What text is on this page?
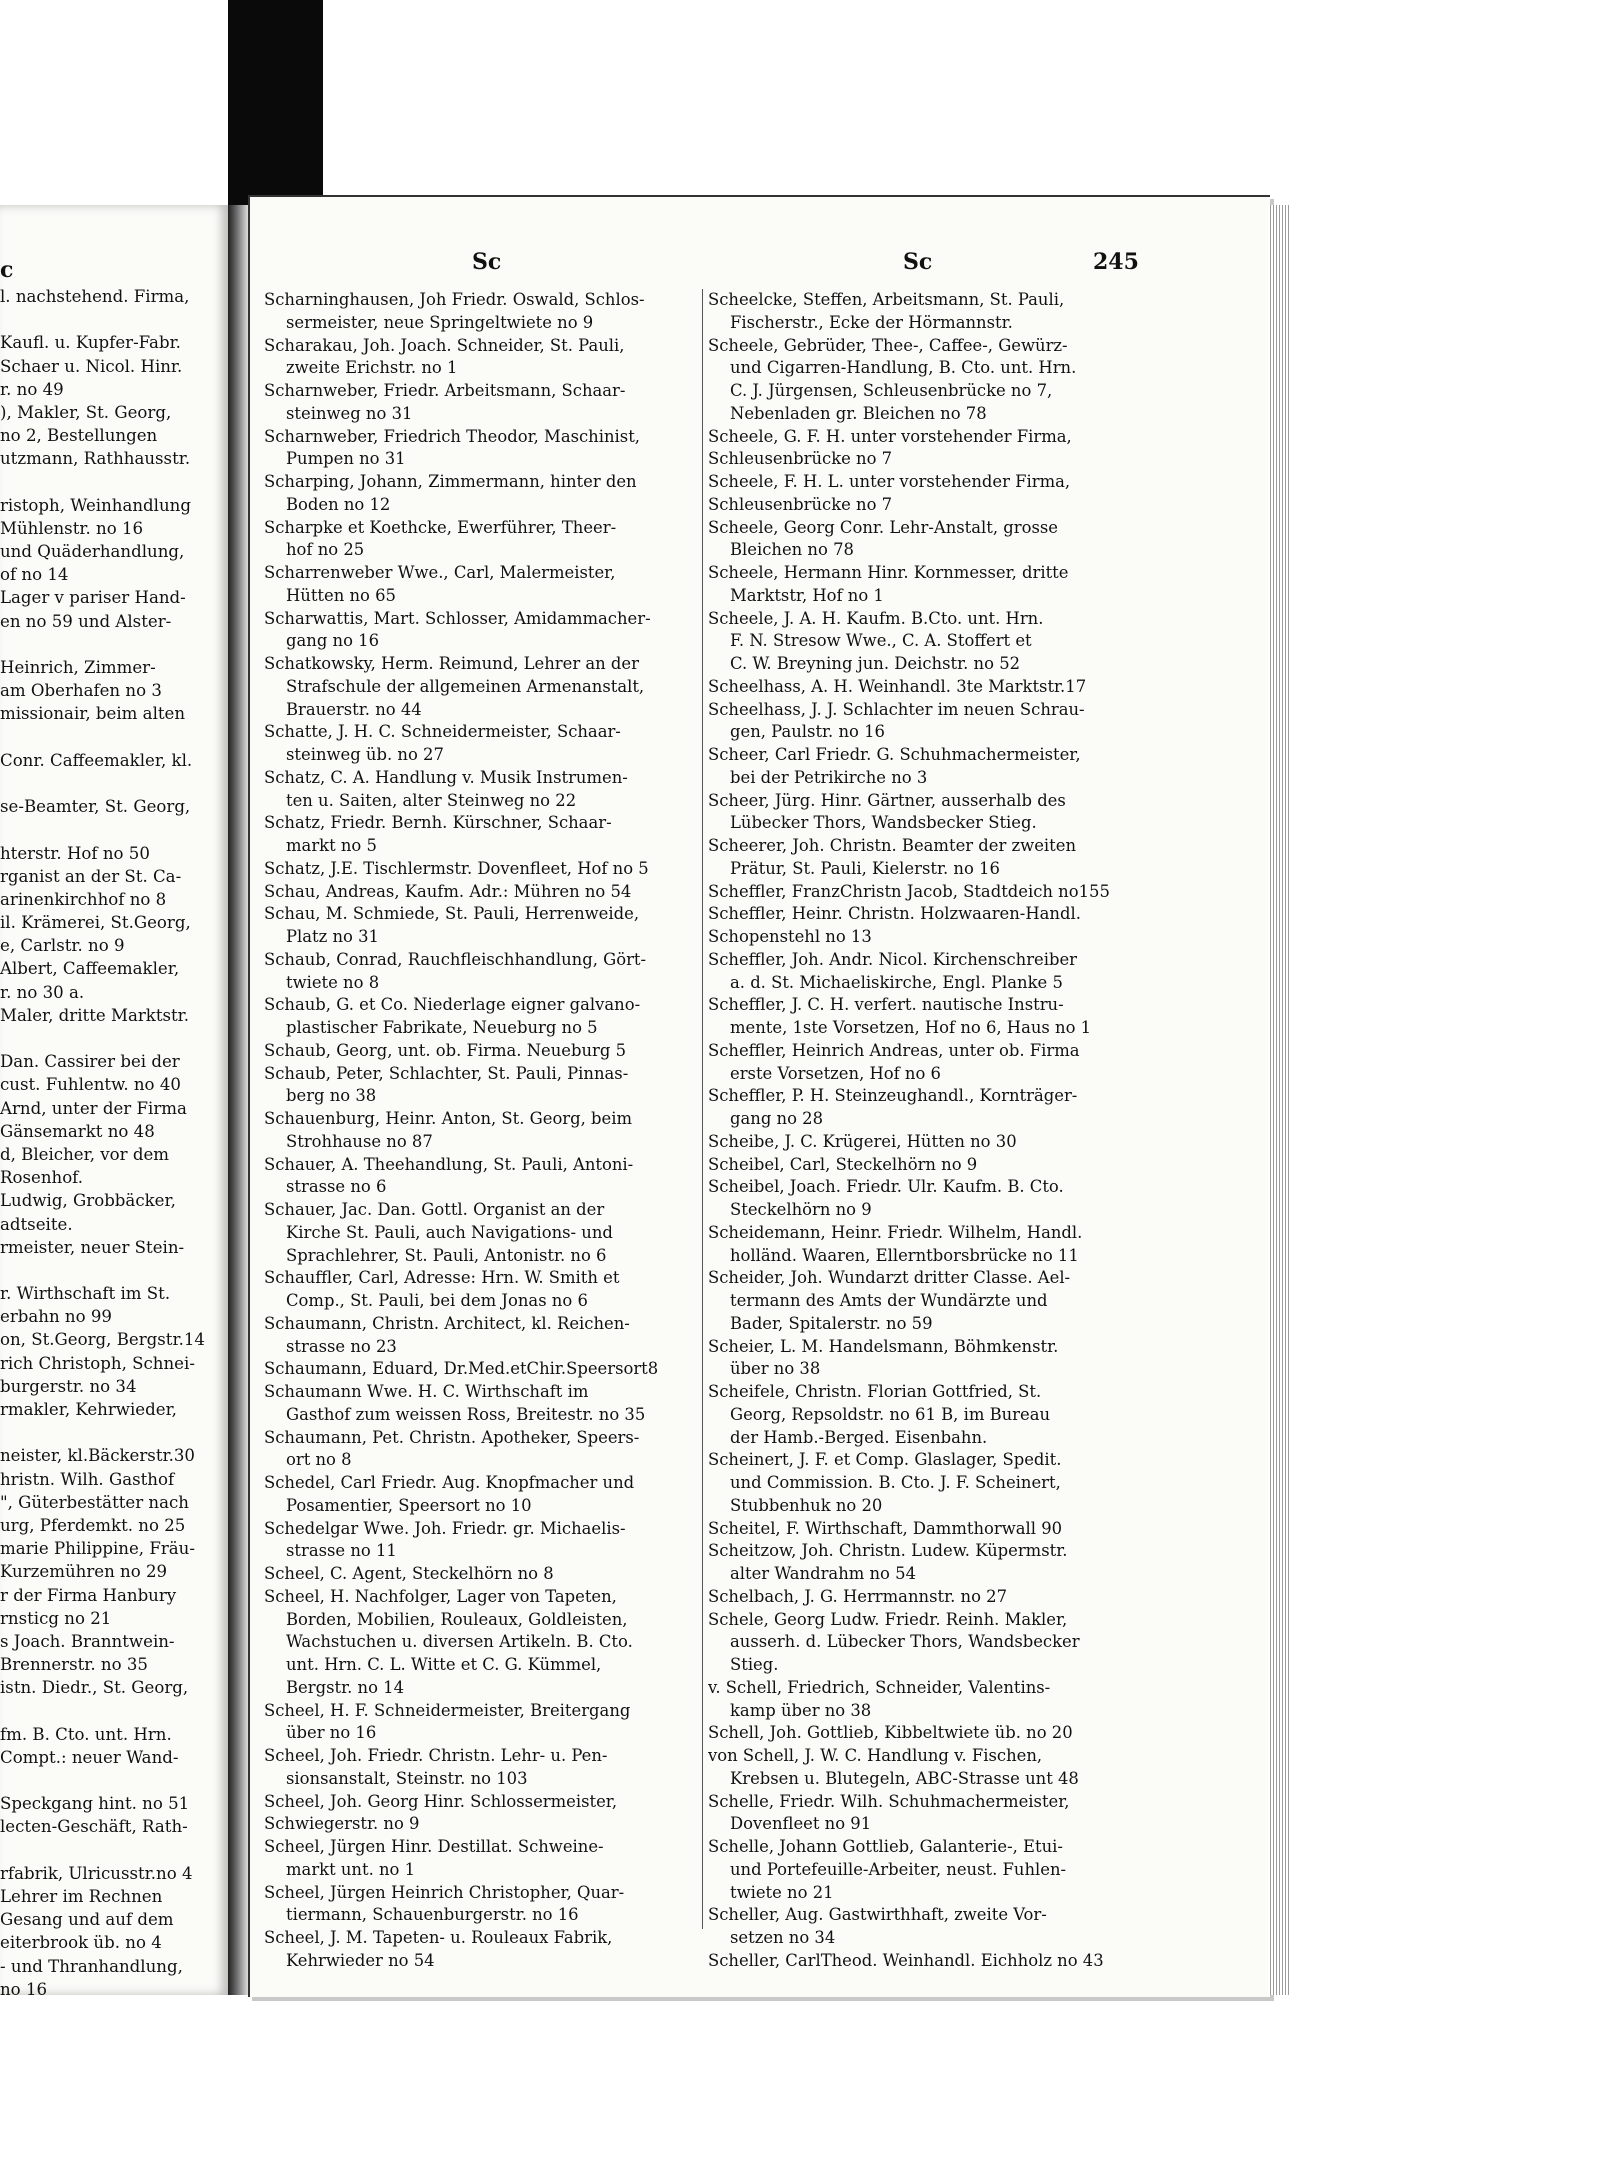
c
l. nachstehend. Firma,
Kaufl. u. Kupfer-Fabr.
Schaer u. Nicol. Hinr.
r. no 49
), Makler, St. Georg,
no 2, Bestellungen
utzmann, Rathhausstr.
ristoph, Weinhandlung
Mühlenstr. no 16
und Quäderhandlung,
of no 14
Lager v pariser Hand-
en no 59 und Alster-
Heinrich, Zimmer-
am Oberhafen no 3
missionair, beim alten
Conr. Caffeemakler, kl.
se-Beamter, St. Georg,
hterstr. Hof no 50
rganist an der St. Ca-
arinenkirchhof no 8
il. Krämerei, St.Georg,
e, Carlstr. no 9
Albert, Caffeemakler,
r. no 30 a.
Maler, dritte Marktstr.
Dan. Cassirer bei der
cust. Fuhlentw. no 40
Arnd, unter der Firma
Gänsemarkt no 48
d, Bleicher, vor dem
Rosenhof.
Ludwig, Grobbäcker,
adtseite.
rmeister, neuer Stein-
r. Wirthschaft im St.
erbahn no 99
on, St.Georg, Bergstr.14
rich Christoph, Schnei-
burgerstr. no 34
rmakler, Kehrwieder,
neister, kl.Bäckerstr.30
hristn. Wilh. Gasthof
", Güterbestätter nach
urg, Pferdemkt. no 25
marie Philippine, Fräu-
Kurzemühren no 29
r der Firma Hanbury
rnsticg no 21
s Joach. Branntwein-
Brennerstr. no 35
istn. Diedr., St. Georg,
fm. B. Cto. unt. Hrn.
Compt.: neuer Wand-
Speckgang hint. no 51
lecten-Geschäft, Rath-
rfabrik, Ulricusstr.no 4
Lehrer im Rechnen
Gesang und auf dem
eiterbrook üb. no 4
- und Thranhandlung,
no 16
Sc	Sc	245
Scharninghausen, Joh Friedr. Oswald, Schlos-
sermeister, neue Springeltwiete no 9
Scharakau, Joh. Joach. Schneider, St. Pauli,
zweite Erichstr. no 1
Scharnweber, Friedr. Arbeitsmann, Schaar-
steinweg no 31
Scharnweber, Friedrich Theodor, Maschinist,
Pumpen no 31
Scharping, Johann, Zimmermann, hinter den
Boden no 12
Scharpke et Koethcke, Ewerführer, Theer-
hof no 25
Scharrenweber Wwe., Carl, Malermeister,
Hütten no 65
Scharwattis, Mart. Schlosser, Amidammacher-
gang no 16
Schatkowsky, Herm. Reimund, Lehrer an der
Strafschule der allgemeinen Armenanstalt,
Brauerstr. no 44
Schatte, J. H. C. Schneidermeister, Schaar-
steinweg üb. no 27
Schatz, C. A. Handlung v. Musik Instrumen-
ten u. Saiten, alter Steinweg no 22
Schatz, Friedr. Bernh. Kürschner, Schaar-
markt no 5
Schatz, J.E. Tischlermstr. Dovenfleet, Hof no 5
Schau, Andreas, Kaufm. Adr.: Mühren no 54
Schau, M. Schmiede, St. Pauli, Herrenweide,
Platz no 31
Schaub, Conrad, Rauchfleischhandlung, Gört-
twiete no 8
Schaub, G. et Co. Niederlage eigner galvano-
plastischer Fabrikate, Neueburg no 5
Schaub, Georg, unt. ob. Firma. Neueburg 5
Schaub, Peter, Schlachter, St. Pauli, Pinnas-
berg no 38
Schauenburg, Heinr. Anton, St. Georg, beim
Strohhause no 87
Schauer, A. Theehandlung, St. Pauli, Antoni-
strasse no 6
Schauer, Jac. Dan. Gottl. Organist an der
Kirche St. Pauli, auch Navigations- und
Sprachlehrer, St. Pauli, Antonistr. no 6
Schauffler, Carl, Adresse: Hrn. W. Smith et
Comp., St. Pauli, bei dem Jonas no 6
Schaumann, Christn. Architect, kl. Reichen-
strasse no 23
Schaumann, Eduard, Dr.Med.etChir.Speersort8
Schaumann Wwe. H. C. Wirthschaft im
Gasthof zum weissen Ross, Breitestr. no 35
Schaumann, Pet. Christn. Apotheker, Speers-
ort no 8
Schedel, Carl Friedr. Aug. Knopfmacher und
Posamentier, Speersort no 10
Schedelgar Wwe. Joh. Friedr. gr. Michaelis-
strasse no 11
Scheel, C. Agent, Steckelhörn no 8
Scheel, H. Nachfolger, Lager von Tapeten,
Borden, Mobilien, Rouleaux, Goldleisten,
Wachstuchen u. diversen Artikeln. B. Cto.
unt. Hrn. C. L. Witte et C. G. Kümmel,
Bergstr. no 14
Scheel, H. F. Schneidermeister, Breitergang
über no 16
Scheel, Joh. Friedr. Christn. Lehr- u. Pen-
sionsanstalt, Steinstr. no 103
Scheel, Joh. Georg Hinr. Schlossermeister,
Schwiegerstr. no 9
Scheel, Jürgen Hinr. Destillat. Schweine-
markt unt. no 1
Scheel, Jürgen Heinrich Christopher, Quar-
tiermann, Schauenburgerstr. no 16
Scheel, J. M. Tapeten- u. Rouleaux Fabrik,
Kehrwieder no 54
Scheelcke, Steffen, Arbeitsmann, St. Pauli,
Fischerstr., Ecke der Hörmannstr.
Scheele, Gebrüder, Thee-, Caffee-, Gewürz-
und Cigarren-Handlung, B. Cto. unt. Hrn.
C. J. Jürgensen, Schleusenbrücke no 7,
Nebenladen gr. Bleichen no 78
Scheele, G. F. H. unter vorstehender Firma,
Schleusenbrücke no 7
Scheele, F. H. L. unter vorstehender Firma,
Schleusenbrücke no 7
Scheele, Georg Conr. Lehr-Anstalt, grosse
Bleichen no 78
Scheele, Hermann Hinr. Kornmesser, dritte
Marktstr, Hof no 1
Scheele, J. A. H. Kaufm. B.Cto. unt. Hrn.
F. N. Stresow Wwe., C. A. Stoffert et
C. W. Breyning jun. Deichstr. no 52
Scheelhass, A. H. Weinhandl. 3te Marktstr.17
Scheelhass, J. J. Schlachter im neuen Schrau-
gen, Paulstr. no 16
Scheer, Carl Friedr. G. Schuhmachermeister,
bei der Petrikirche no 3
Scheer, Jürg. Hinr. Gärtner, ausserhalb des
Lübecker Thors, Wandsbecker Stieg.
Scheerer, Joh. Christn. Beamter der zweiten
Prätur, St. Pauli, Kielerstr. no 16
Scheffler, FranzChristn Jacob, Stadtdeich no155
Scheffler, Heinr. Christn. Holzwaaren-Handl.
Schopenstehl no 13
Scheffler, Joh. Andr. Nicol. Kirchenschreiber
a. d. St. Michaeliskirche, Engl. Planke 5
Scheffler, J. C. H. verfert. nautische Instru-
mente, 1ste Vorsetzen, Hof no 6, Haus no 1
Scheffler, Heinrich Andreas, unter ob. Firma
erste Vorsetzen, Hof no 6
Scheffler, P. H. Steinzeughandl., Kornträger-
gang no 28
Scheibe, J. C. Krügerei, Hütten no 30
Scheibel, Carl, Steckelhörn no 9
Scheibel, Joach. Friedr. Ulr. Kaufm. B. Cto.
Steckelhörn no 9
Scheidemann, Heinr. Friedr. Wilhelm, Handl.
holländ. Waaren, Ellerntborsbrücke no 11
Scheider, Joh. Wundarzt dritter Classe. Ael-
termann des Amts der Wundärzte und
Bader, Spitalerstr. no 59
Scheier, L. M. Handelsmann, Böhmkenstr.
über no 38
Scheifele, Christn. Florian Gottfried, St.
Georg, Repsoldstr. no 61 B, im Bureau
der Hamb.-Berged. Eisenbahn.
Scheinert, J. F. et Comp. Glaslager, Spedit.
und Commission. B. Cto. J. F. Scheinert,
Stubbenhuk no 20
Scheitel, F. Wirthschaft, Dammthorwall 90
Scheitzow, Joh. Christn. Ludew. Küpermstr.
alter Wandrahm no 54
Schelbach, J. G. Herrmannstr. no 27
Schele, Georg Ludw. Friedr. Reinh. Makler,
ausserh. d. Lübecker Thors, Wandsbecker
Stieg.
v. Schell, Friedrich, Schneider, Valentins-
kamp über no 38
Schell, Joh. Gottlieb, Kibbeltwiete üb. no 20
von Schell, J. W. C. Handlung v. Fischen,
Krebsen u. Blutegeln, ABC-Strasse unt 48
Schelle, Friedr. Wilh. Schuhmachermeister,
Dovenfleet no 91
Schelle, Johann Gottlieb, Galanterie-, Etui-
und Portefeuille-Arbeiter, neust. Fuhlen-
twiete no 21
Scheller, Aug. Gastwirthhaft, zweite Vor-
setzen no 34
Scheller, CarlTheod. Weinhandl. Eichholz no 43
